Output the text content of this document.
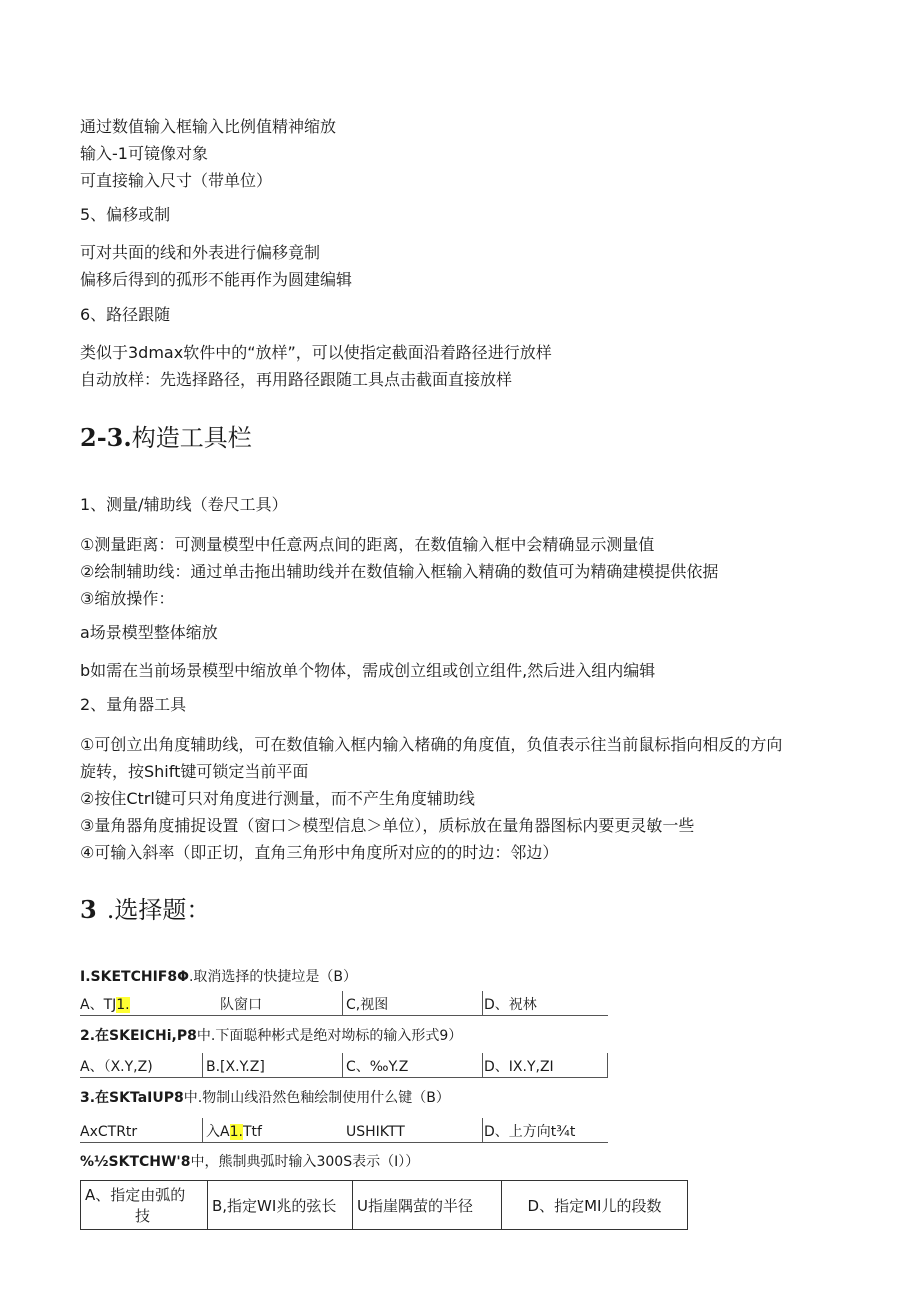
通过数值输入框输入比例值精神缩放
输入-1可镜像对象
可直接输入尺寸（带单位）
5、偏移或制
可对共面的线和外表进行偏移竟制
偏移后得到的孤形不能再作为圆建编辑
6、路径跟随
类似于3dmax软件中的“放样”，可以使指定截面沿着路径进行放样
自动放样：先选择路径，再用路径跟随工具点击截面直接放样
2-3.构造工具栏
1、测量/辅助线（卷尺工具）
①测量距离：可测量模型中任意两点间的距离，在数值输入框中会精确显示测量值
②绘制辅助线：通过单击拖出辅助线并在数值输入框输入精确的数值可为精确建模提供依据
③缩放操作：
a场景模型整体缩放
b如需在当前场景模型中缩放单个物体，需成创立组或创立组件,然后进入组内编辑
2、量角器工具
①可创立出角度辅助线，可在数值输入框内输入楮确的角度值，负值表示往当前鼠标指向相反的方向
旋转，按Shift键可锁定当前平面
②按住Ctrl键可只对角度进行测量，而不产生角度辅助线
③量角器角度捕捉设置（窗口＞模型信息＞单位），质标放在量角器图标内要更灵敏一些
④可输入斜率（即正切，直角三角形中角度所对应的的时边：邻边）
3 .选择题：
I.SKETCHIF8Φ.取消选择的快捷垃是（B）
A、TJ1.	队窗口	C,视图	D、祝林
2.在SKEICHi,P8中.下面聪种彬式是绝对坳标的输入形式9）
A、（X.Y,Z)	B.[X.Y.Z]	C、‰Y.Z	D、IX.Y,ZI
3.在SKTaIUP8中.物制山线沿然色釉绘制使用什么键（B）
AxCTRtr	入A1.Ttf	USHIKTT	D、上方向t¾t
%½SKTCHW'8中，熊制典弧时输入300S表示（I））
A、指定由弧的
技	B,指定WI兆的弦长	U指崖隅萤的半径	D、指定MI儿的段数
